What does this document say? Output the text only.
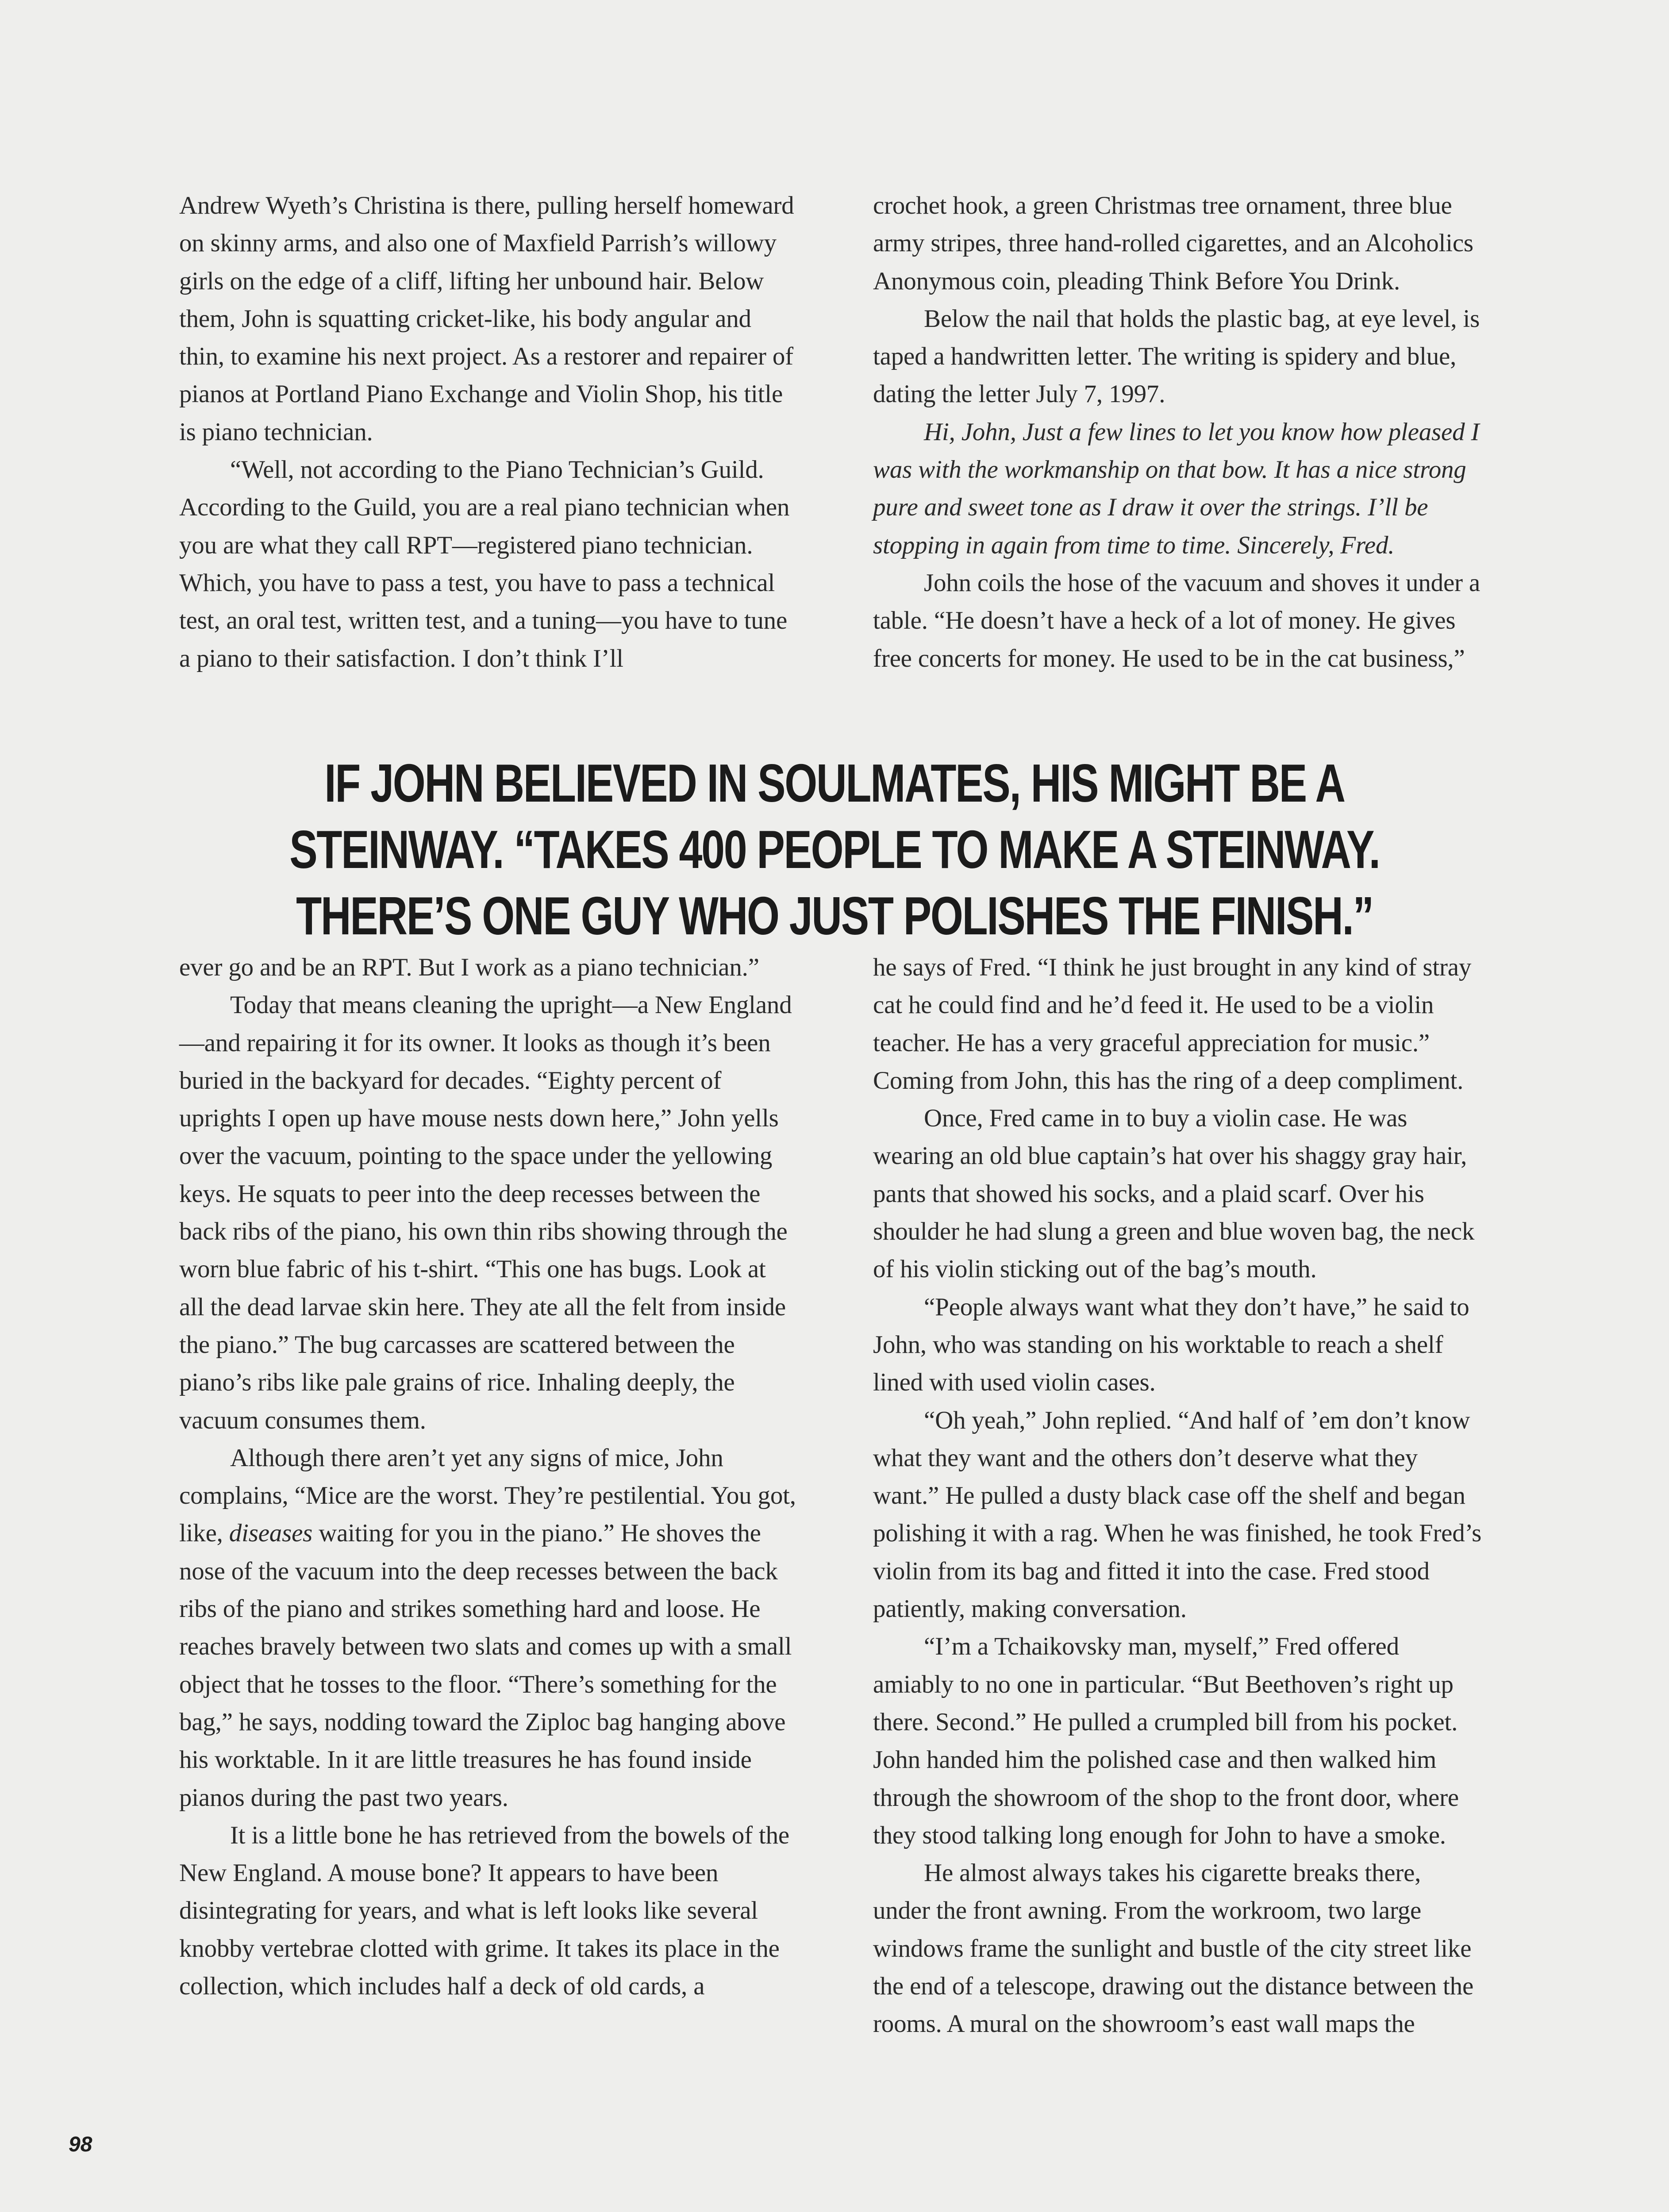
Andrew Wyeth’s Christina is there, pulling herself homeward on skinny arms, and also one of Maxfield Parrish’s willowy girls on the edge of a cliff, lifting her unbound hair. Below them, John is squatting cricket-like, his body angular and thin, to examine his next project. As a restorer and repairer of pianos at Portland Piano Exchange and Violin Shop, his title is piano technician.

“Well, not according to the Piano Technician’s Guild. According to the Guild, you are a real piano technician when you are what they call RPT—registered piano technician. Which, you have to pass a test, you have to pass a technical test, an oral test, written test, and a tuning—you have to tune a piano to their satisfaction. I don’t think I’ll

crochet hook, a green Christmas tree ornament, three blue army stripes, three hand-rolled cigarettes, and an Alcoholics Anonymous coin, pleading Think Before You Drink.

Below the nail that holds the plastic bag, at eye level, is taped a handwritten letter. The writing is spidery and blue, dating the letter July 7, 1997.

Hi, John, Just a few lines to let you know how pleased I was with the workmanship on that bow. It has a nice strong pure and sweet tone as I draw it over the strings. I’ll be stopping in again from time to time. Sincerely, Fred.

John coils the hose of the vacuum and shoves it under a table. “He doesn’t have a heck of a lot of money. He gives free concerts for money. He used to be in the cat business,”

IF JOHN BELIEVED IN SOULMATES, HIS MIGHT BE A STEINWAY. “TAKES 400 PEOPLE TO MAKE A STEINWAY. THERE’S ONE GUY WHO JUST POLISHES THE FINISH.”

ever go and be an RPT. But I work as a piano technician.”

Today that means cleaning the upright—a New England—and repairing it for its owner. It looks as though it’s been buried in the backyard for decades. “Eighty percent of uprights I open up have mouse nests down here,” John yells over the vacuum, pointing to the space under the yellowing keys. He squats to peer into the deep recesses between the back ribs of the piano, his own thin ribs showing through the worn blue fabric of his t-shirt. “This one has bugs. Look at all the dead larvae skin here. They ate all the felt from inside the piano.” The bug carcasses are scattered between the piano’s ribs like pale grains of rice. Inhaling deeply, the vacuum consumes them.

Although there aren’t yet any signs of mice, John complains, “Mice are the worst. They’re pestilential. You got, like, diseases waiting for you in the piano.” He shoves the nose of the vacuum into the deep recesses between the back ribs of the piano and strikes something hard and loose. He reaches bravely between two slats and comes up with a small object that he tosses to the floor. “There’s something for the bag,” he says, nodding toward the Ziploc bag hanging above his worktable. In it are little treasures he has found inside pianos during the past two years.

It is a little bone he has retrieved from the bowels of the New England. A mouse bone? It appears to have been disintegrating for years, and what is left looks like several knobby vertebrae clotted with grime. It takes its place in the collection, which includes half a deck of old cards, a

he says of Fred. “I think he just brought in any kind of stray cat he could find and he’d feed it. He used to be a violin teacher. He has a very graceful appreciation for music.” Coming from John, this has the ring of a deep compliment.

Once, Fred came in to buy a violin case. He was wearing an old blue captain’s hat over his shaggy gray hair, pants that showed his socks, and a plaid scarf. Over his shoulder he had slung a green and blue woven bag, the neck of his violin sticking out of the bag’s mouth.

“People always want what they don’t have,” he said to John, who was standing on his worktable to reach a shelf lined with used violin cases.

“Oh yeah,” John replied. “And half of ’em don’t know what they want and the others don’t deserve what they want.” He pulled a dusty black case off the shelf and began polishing it with a rag. When he was finished, he took Fred’s violin from its bag and fitted it into the case. Fred stood patiently, making conversation.

“I’m a Tchaikovsky man, myself,” Fred offered amiably to no one in particular. “But Beethoven’s right up there. Second.” He pulled a crumpled bill from his pocket. John handed him the polished case and then walked him through the showroom of the shop to the front door, where they stood talking long enough for John to have a smoke.

He almost always takes his cigarette breaks there, under the front awning. From the workroom, two large windows frame the sunlight and bustle of the city street like the end of a telescope, drawing out the distance between the rooms. A mural on the showroom’s east wall maps the

98
